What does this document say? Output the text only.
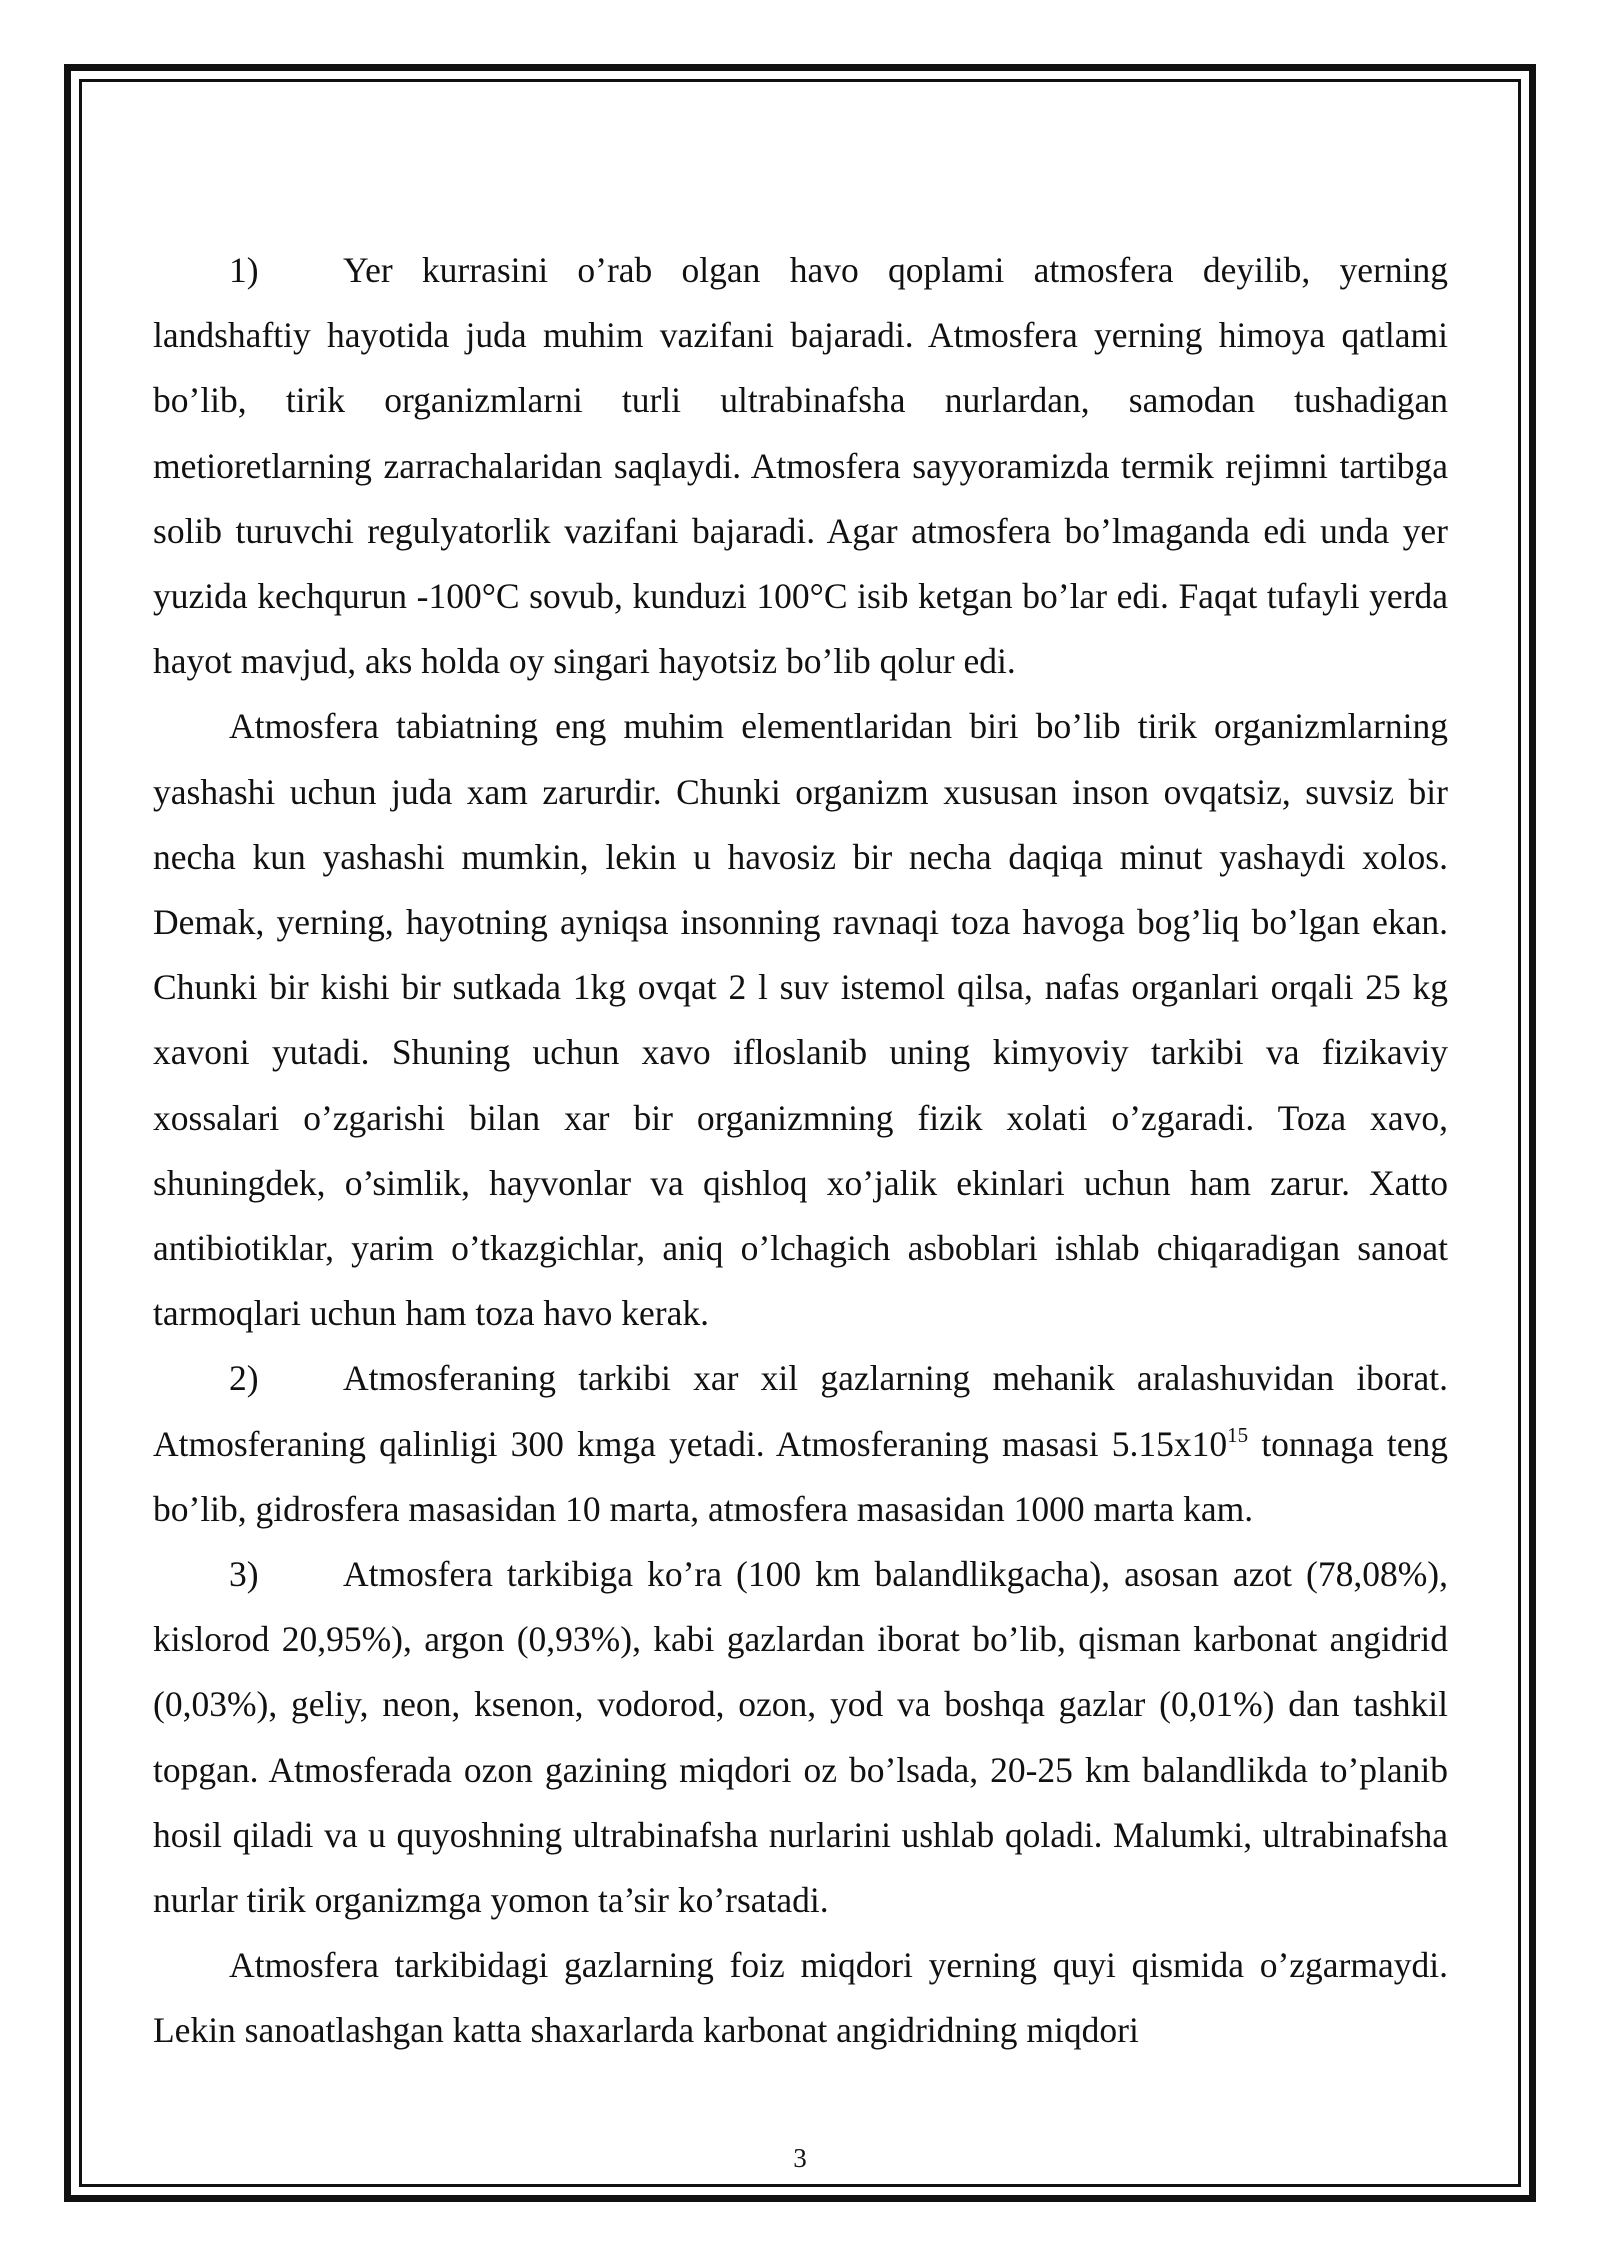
1) Yer kurrasini o’rab olgan havo qoplami atmosfera deyilib, yerning landshaftiy hayotida juda muhim vazifani bajaradi. Atmosfera yerning himoya qatlami bo’lib, tirik organizmlarni turli ultrabinafsha nurlardan, samodan tushadigan metioretlarning zarrachalaridan saqlaydi. Atmosfera sayyoramizda termik rejimni tartibga solib turuvchi regulyatorlik vazifani bajaradi. Agar atmosfera bo’lmaganda edi unda yer yuzida kechqurun -100°C sovub, kunduzi 100°C isib ketgan bo’lar edi. Faqat tufayli yerda hayot mavjud, aks holda oy singari hayotsiz bo’lib qolur edi.

Atmosfera tabiatning eng muhim elementlaridan biri bo’lib tirik organizmlarning yashashi uchun juda xam zarurdir. Chunki organizm xususan inson ovqatsiz, suvsiz bir necha kun yashashi mumkin, lekin u havosiz bir necha daqiqa minut yashaydi xolos. Demak, yerning, hayotning ayniqsa insonning ravnaqi toza havoga bog’liq bo’lgan ekan. Chunki bir kishi bir sutkada 1kg ovqat 2 l suv istemol qilsa, nafas organlari orqali 25 kg xavoni yutadi. Shuning uchun xavo ifloslanib uning kimyoviy tarkibi va fizikaviy xossalari o’zgarishi bilan xar bir organizmning fizik xolati o’zgaradi. Toza xavo, shuningdek, o’simlik, hayvonlar va qishloq xo’jalik ekinlari uchun ham zarur. Xatto antibiotiklar, yarim o’tkazgichlar, aniq o’lchagich asboblari ishlab chiqaradigan sanoat tarmoqlari uchun ham toza havo kerak.

2) Atmosferaning tarkibi xar xil gazlarning mehanik aralashuvidan iborat. Atmosferaning qalinligi 300 kmga yetadi. Atmosferaning masasi $5.15x10^{15}$ tonnaga teng bo’lib, gidrosfera masasidan 10 marta, atmosfera masasidan 1000 marta kam.

3) Atmosfera tarkibiga ko’ra (100 km balandlikgacha), asosan azot (78,08%), kislorod 20,95%), argon (0,93%), kabi gazlardan iborat bo’lib, qisman karbonat angidrid (0,03%), geliy, neon, ksenon, vodorod, ozon, yod va boshqa gazlar (0,01%) dan tashkil topgan. Atmosferada ozon gazining miqdori oz bo’lsada, 20-25 km balandlikda to’planib hosil qiladi va u quyoshning ultrabinafsha nurlarini ushlab qoladi. Malumki, ultrabinafsha nurlar tirik organizmga yomon ta’sir ko’rsatadi.

Atmosfera tarkibidagi gazlarning foiz miqdori yerning quyi qismida o’zgarmaydi. Lekin sanoatlashgan katta shaxarlarda karbonat angidridning miqdori

3
